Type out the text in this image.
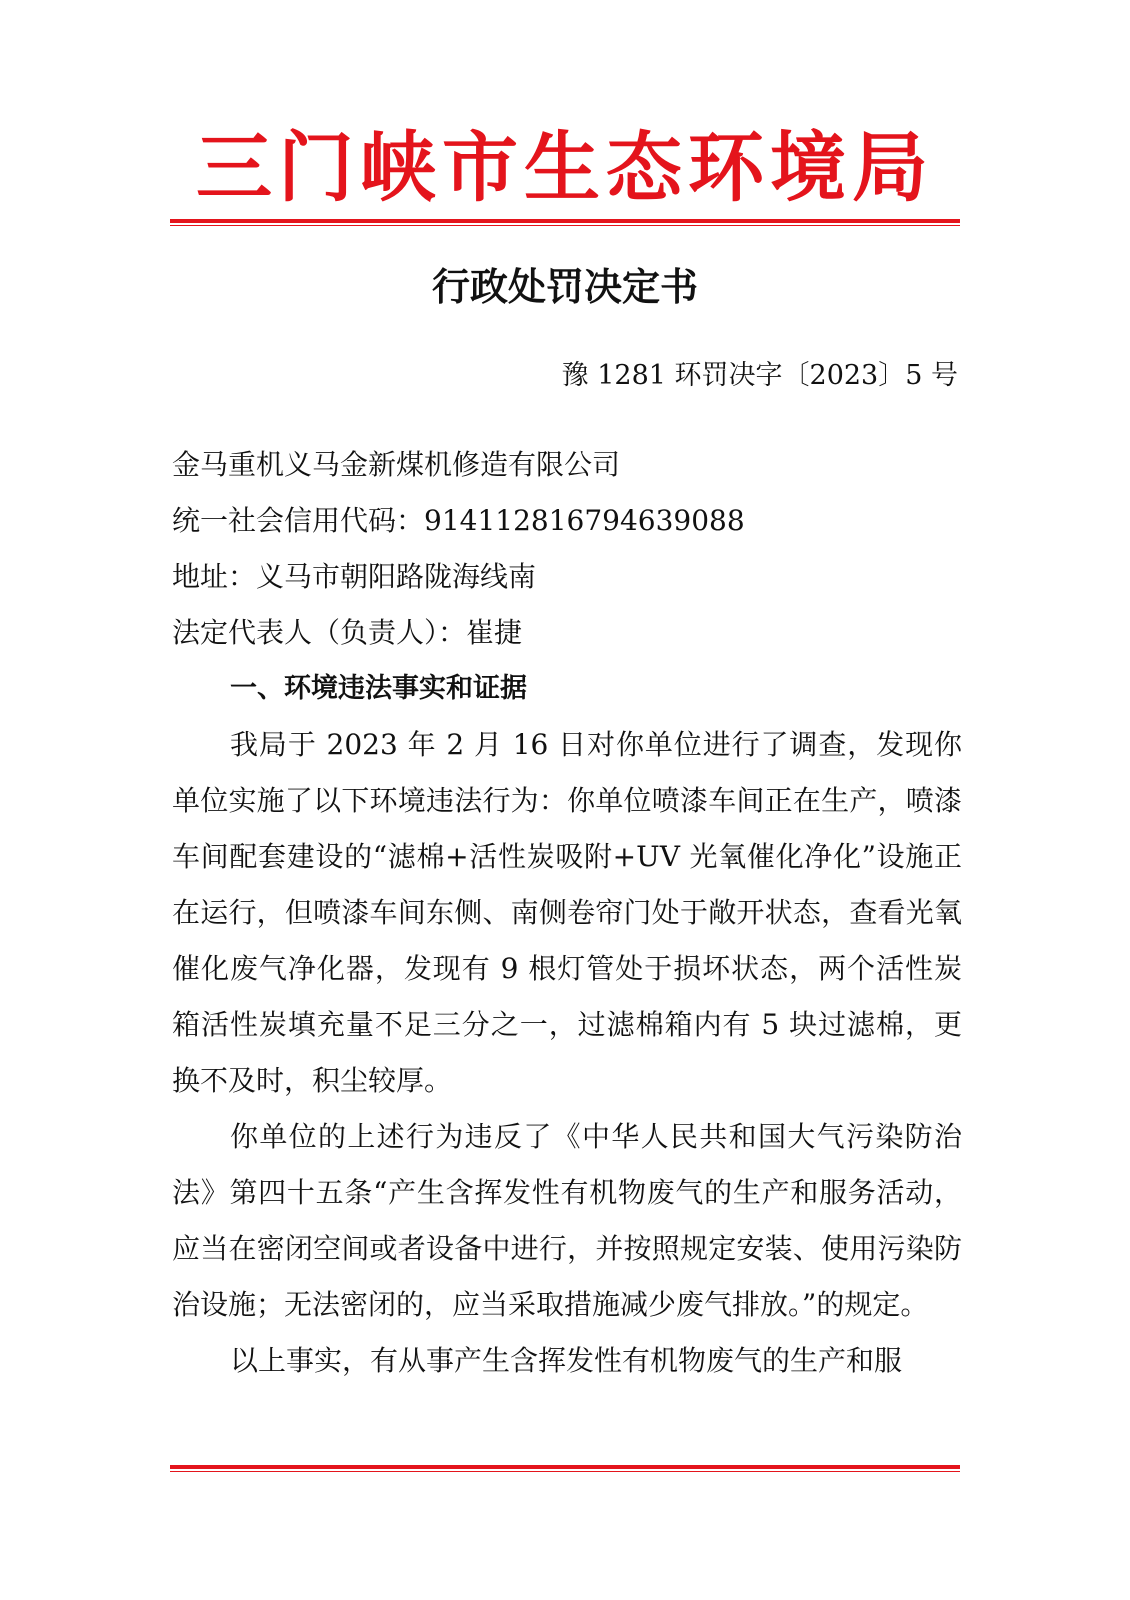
三门峡市生态环境局
行政处罚决定书
豫 1281 环罚决字〔2023〕5 号
金马重机义马金新煤机修造有限公司
统一社会信用代码：914112816794639088
地址：义马市朝阳路陇海线南
法定代表人（负责人）：崔捷
一、环境违法事实和证据
我局于 2023 年 2 月 16 日对你单位进行了调查，发现你单位实施了以下环境违法行为：你单位喷漆车间正在生产，喷漆车间配套建设的“滤棉+活性炭吸附+UV 光氧催化净化”设施正在运行，但喷漆车间东侧、南侧卷帘门处于敞开状态，查看光氧催化废气净化器，发现有 9 根灯管处于损坏状态，两个活性炭箱活性炭填充量不足三分之一，过滤棉箱内有 5 块过滤棉，更换不及时，积尘较厚。
你单位的上述行为违反了《中华人民共和国大气污染防治法》第四十五条“产生含挥发性有机物废气的生产和服务活动，应当在密闭空间或者设备中进行，并按照规定安装、使用污染防治设施；无法密闭的，应当采取措施减少废气排放。”的规定。
以上事实，有从事产生含挥发性有机物废气的生产和服
